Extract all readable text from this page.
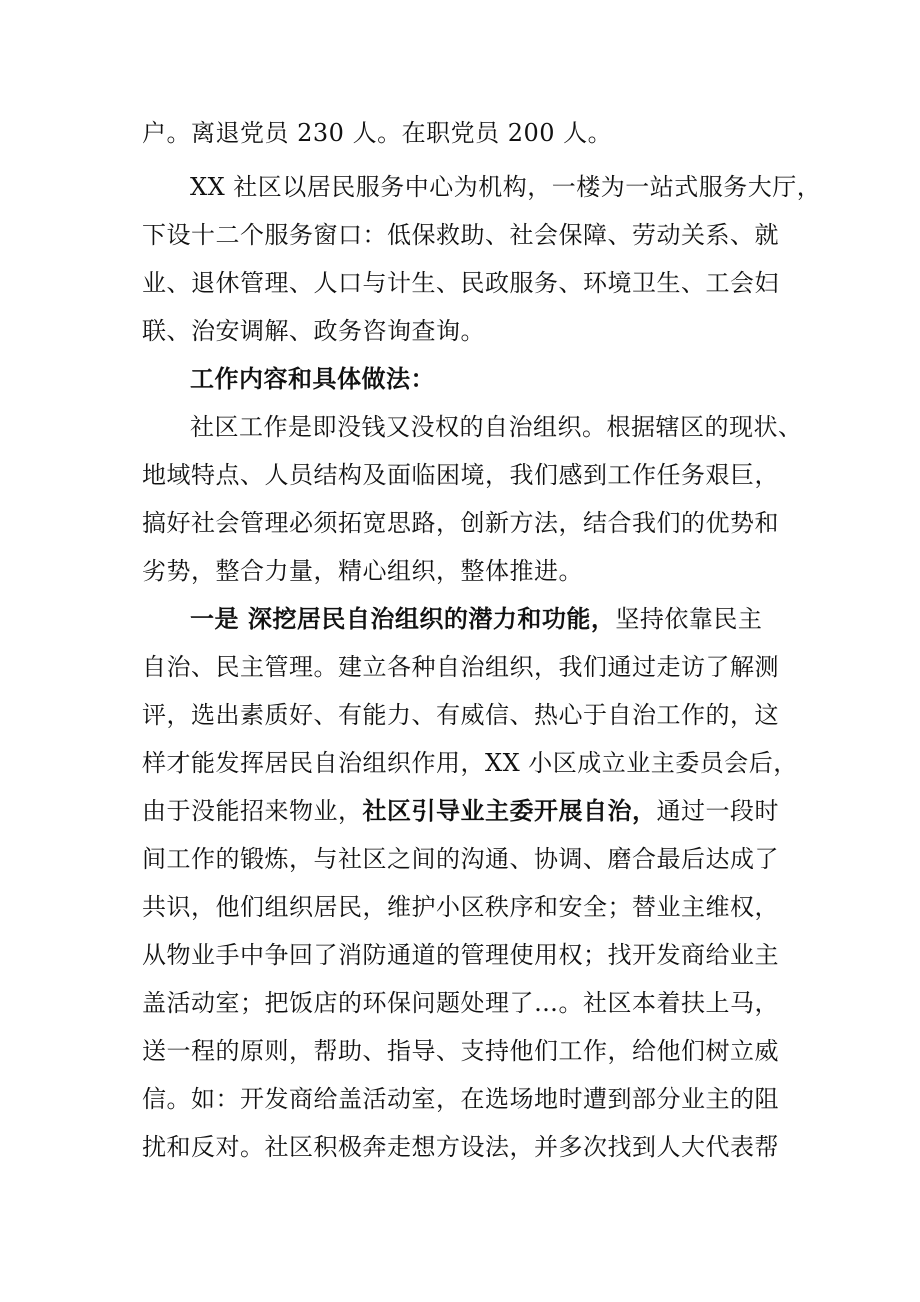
户。离退党员 230 人。在职党员 200 人。
XX 社区以居民服务中心为机构，一楼为一站式服务大厅，
下设十二个服务窗口：低保救助、社会保障、劳动关系、就
业、退休管理、人口与计生、民政服务、环境卫生、工会妇
联、治安调解、政务咨询查询。
工作内容和具体做法：
社区工作是即没钱又没权的自治组织。根据辖区的现状、
地域特点、人员结构及面临困境，我们感到工作任务艰巨，
搞好社会管理必须拓宽思路，创新方法，结合我们的优势和
劣势，整合力量，精心组织，整体推进。
一是 深挖居民自治组织的潜力和功能，坚持依靠民主
自治、民主管理。建立各种自治组织，我们通过走访了解测
评，选出素质好、有能力、有威信、热心于自治工作的，这
样才能发挥居民自治组织作用，XX 小区成立业主委员会后，
由于没能招来物业，社区引导业主委开展自治，通过一段时
间工作的锻炼，与社区之间的沟通、协调、磨合最后达成了
共识，他们组织居民，维护小区秩序和安全；替业主维权，
从物业手中争回了消防通道的管理使用权；找开发商给业主
盖活动室；把饭店的环保问题处理了…。社区本着扶上马，
送一程的原则，帮助、指导、支持他们工作，给他们树立威
信。如：开发商给盖活动室，在选场地时遭到部分业主的阻
扰和反对。社区积极奔走想方设法，并多次找到人大代表帮
